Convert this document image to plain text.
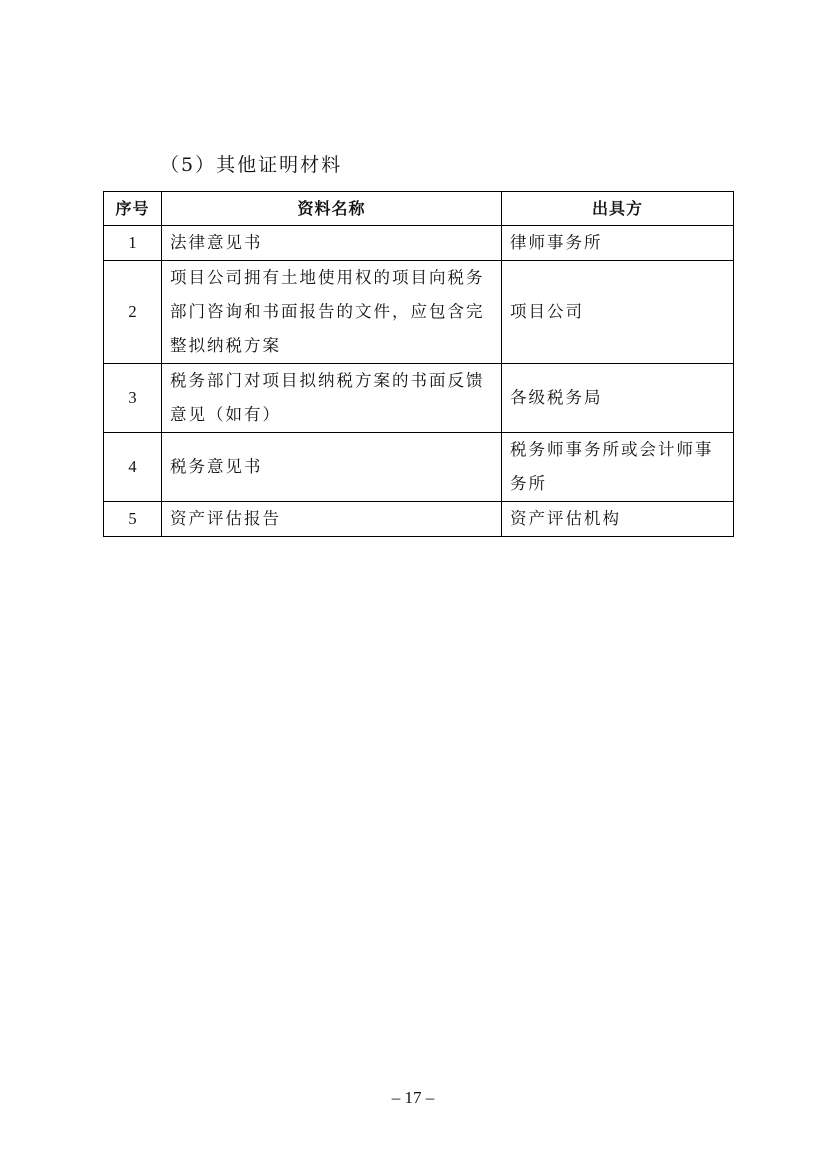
（5）其他证明材料
序号	资料名称	出具方
1	法律意见书	律师事务所
2	项目公司拥有土地使用权的项目向税务部门咨询和书面报告的文件，应包含完整拟纳税方案	项目公司
3	税务部门对项目拟纳税方案的书面反馈意见（如有）	各级税务局
4	税务意见书	税务师事务所或会计师事务所
5	资产评估报告	资产评估机构
– 17 –
